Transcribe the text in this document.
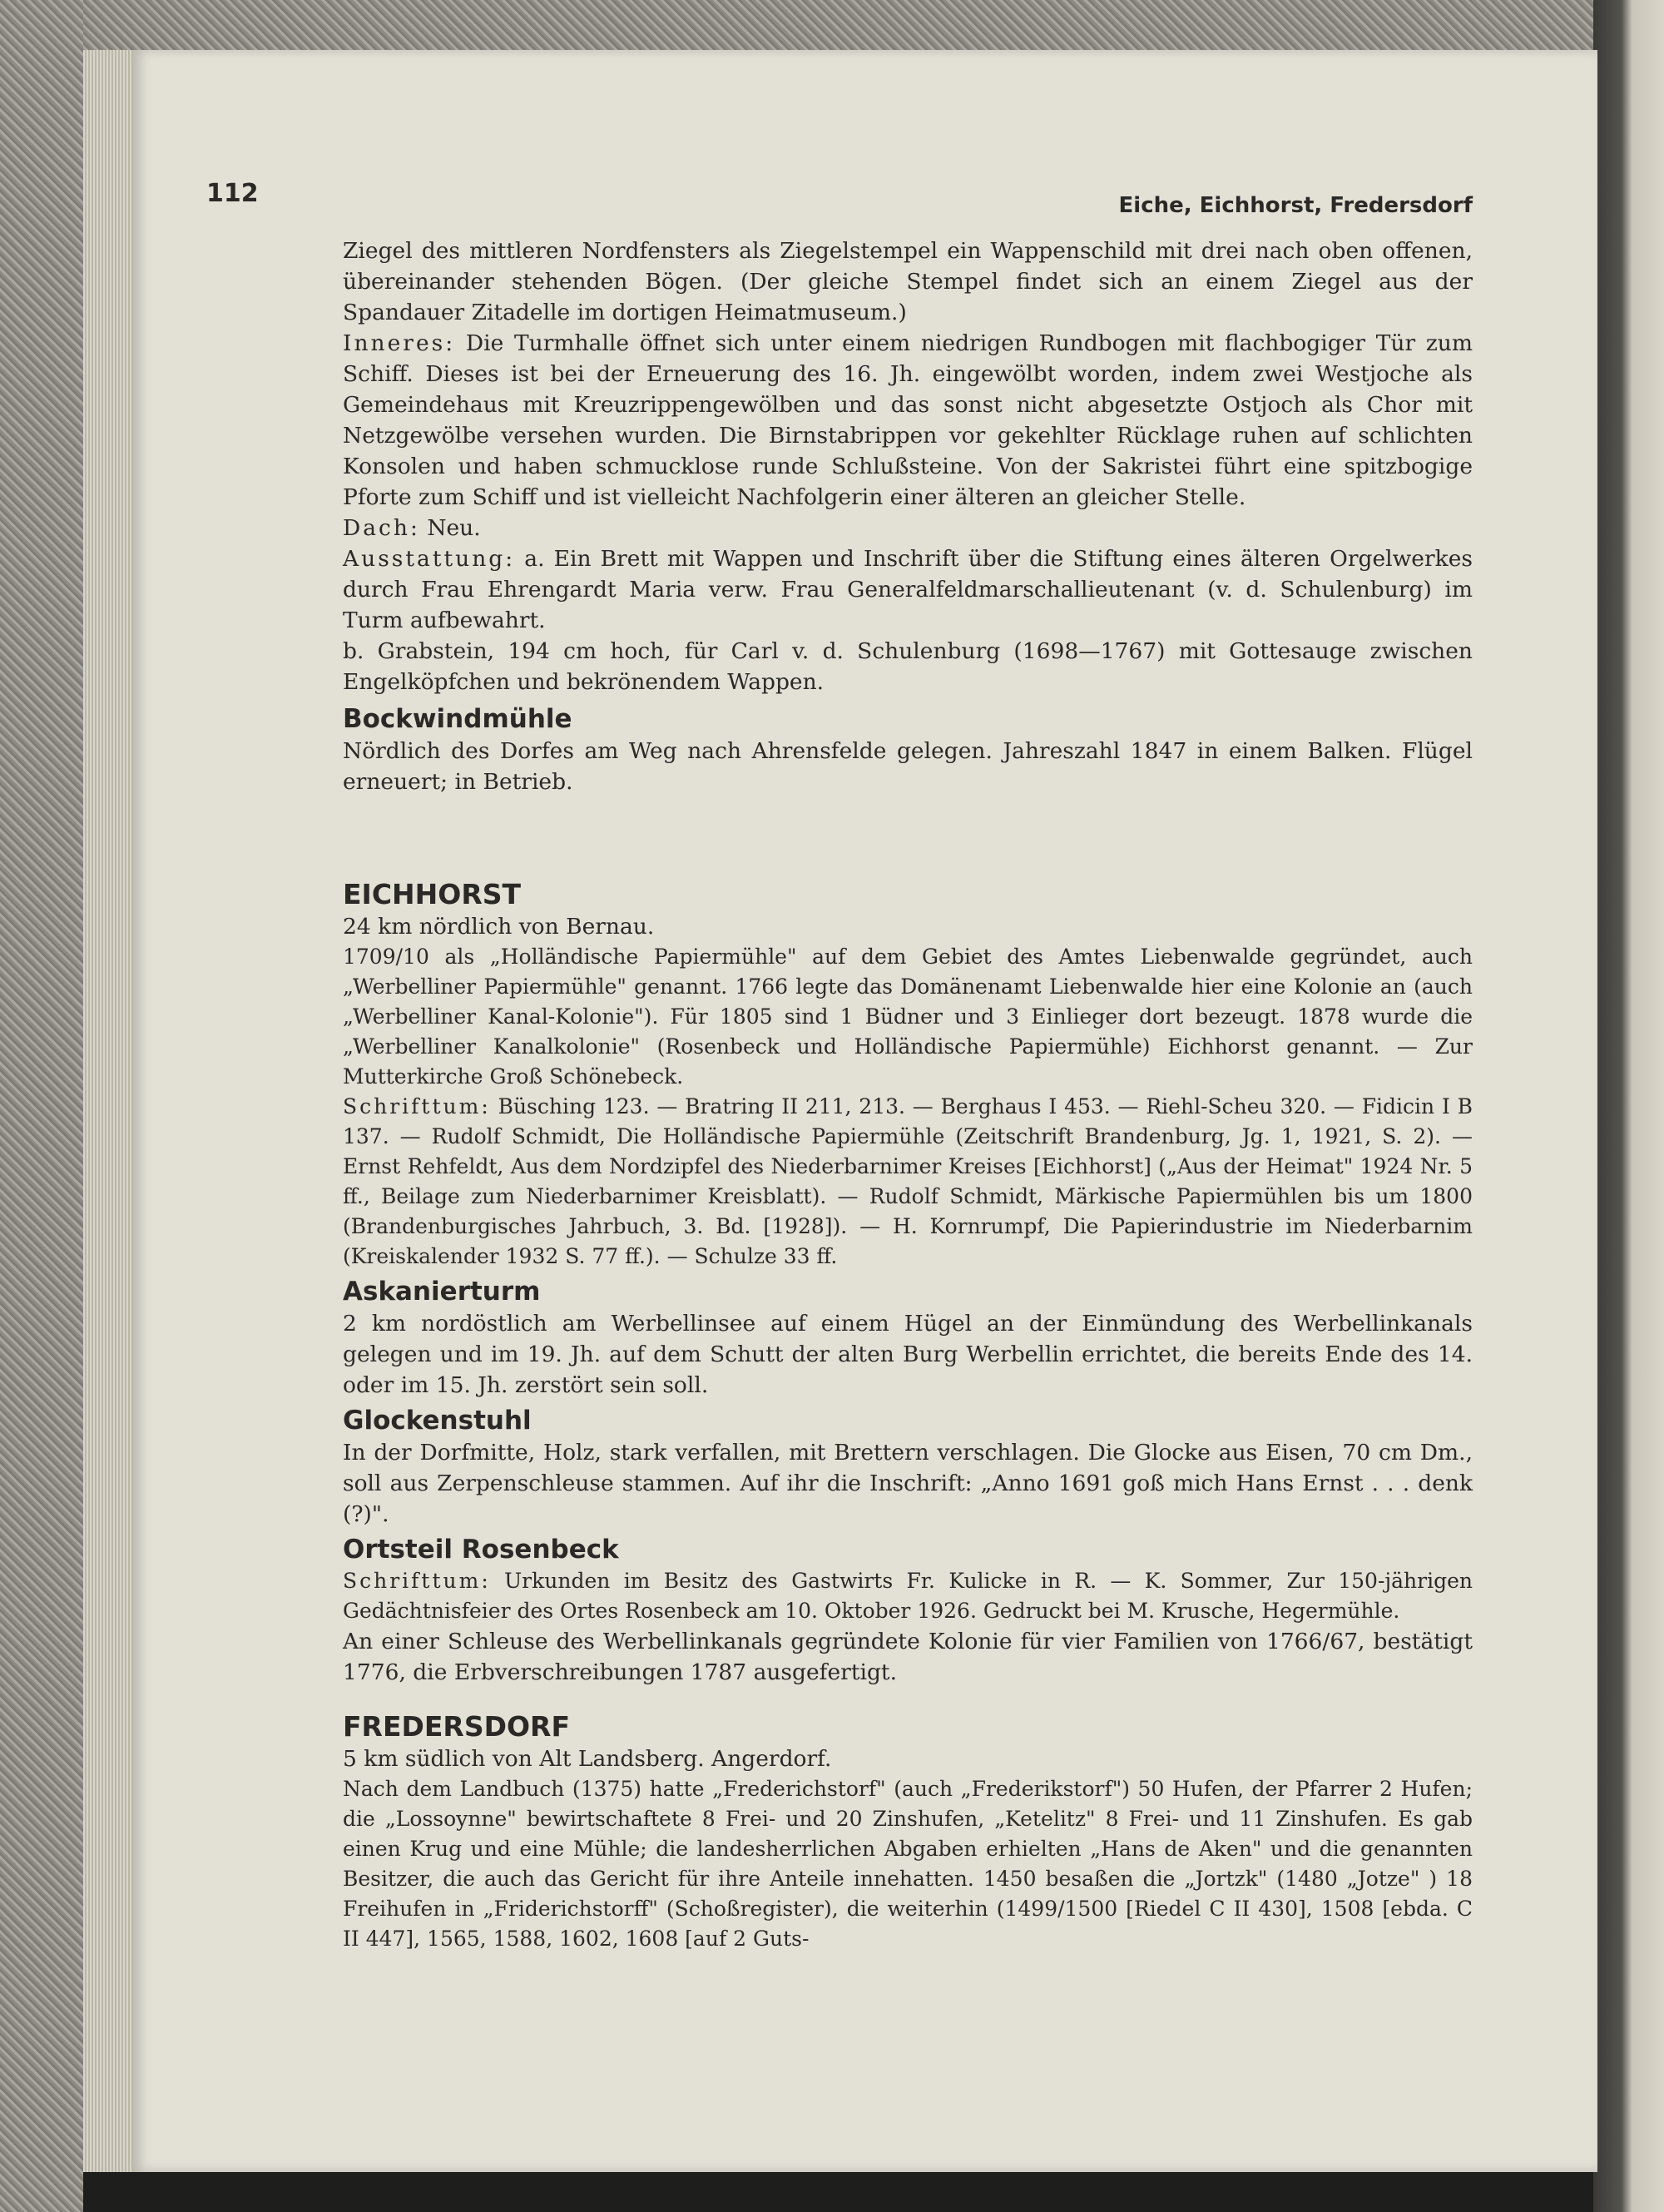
112	Eiche, Eichhorst, Fredersdorf

Ziegel des mittleren Nordfensters als Ziegelstempel ein Wappenschild mit drei nach oben offenen, übereinander stehenden Bögen. (Der gleiche Stempel findet sich an einem Ziegel aus der Spandauer Zitadelle im dortigen Heimatmuseum.)

Inneres: Die Turmhalle öffnet sich unter einem niedrigen Rundbogen mit flachbogiger Tür zum Schiff. Dieses ist bei der Erneuerung des 16. Jh. eingewölbt worden, indem zwei Westjoche als Gemeindehaus mit Kreuzrippengewölben und das sonst nicht abgesetzte Ostjoch als Chor mit Netzgewölbe versehen wurden. Die Birnstabrippen vor gekehlter Rücklage ruhen auf schlichten Konsolen und haben schmucklose runde Schlußsteine. Von der Sakristei führt eine spitzbogige Pforte zum Schiff und ist vielleicht Nachfolgerin einer älteren an gleicher Stelle.

Dach: Neu.

Ausstattung: a. Ein Brett mit Wappen und Inschrift über die Stiftung eines älteren Orgelwerkes durch Frau Ehrengardt Maria verw. Frau Generalfeldmarschallieutenant (v. d. Schulenburg) im Turm aufbewahrt.

b. Grabstein, 194 cm hoch, für Carl v. d. Schulenburg (1698—1767) mit Gottesauge zwischen Engelköpfchen und bekrönendem Wappen.

Bockwindmühle

Nördlich des Dorfes am Weg nach Ahrensfelde gelegen. Jahreszahl 1847 in einem Balken. Flügel erneuert; in Betrieb.

EICHHORST

24 km nördlich von Bernau.

1709/10 als „Holländische Papiermühle" auf dem Gebiet des Amtes Liebenwalde gegründet, auch „Werbelliner Papiermühle" genannt. 1766 legte das Domänenamt Liebenwalde hier eine Kolonie an (auch „Werbelliner Kanal-Kolonie"). Für 1805 sind 1 Büdner und 3 Einlieger dort bezeugt. 1878 wurde die „Werbelliner Kanalkolonie" (Rosenbeck und Holländische Papiermühle) Eichhorst genannt. — Zur Mutterkirche Groß Schönebeck.

Schrifttum: Büsching 123. — Bratring II 211, 213. — Berghaus I 453. — Riehl-Scheu 320. — Fidicin I B 137. — Rudolf Schmidt, Die Holländische Papiermühle (Zeitschrift Brandenburg, Jg. 1, 1921, S. 2). — Ernst Rehfeldt, Aus dem Nordzipfel des Niederbarnimer Kreises [Eichhorst] („Aus der Heimat" 1924 Nr. 5 ff., Beilage zum Niederbarnimer Kreisblatt). — Rudolf Schmidt, Märkische Papiermühlen bis um 1800 (Brandenburgisches Jahrbuch, 3. Bd. [1928]). — H. Kornrumpf, Die Papierindustrie im Niederbarnim (Kreiskalender 1932 S. 77 ff.). — Schulze 33 ff.

Askanierturm

2 km nordöstlich am Werbellinsee auf einem Hügel an der Einmündung des Werbellinkanals gelegen und im 19. Jh. auf dem Schutt der alten Burg Werbellin errichtet, die bereits Ende des 14. oder im 15. Jh. zerstört sein soll.

Glockenstuhl

In der Dorfmitte, Holz, stark verfallen, mit Brettern verschlagen. Die Glocke aus Eisen, 70 cm Dm., soll aus Zerpenschleuse stammen. Auf ihr die Inschrift: „Anno 1691 goß mich Hans Ernst . . . denk (?)".

Ortsteil Rosenbeck

Schrifttum: Urkunden im Besitz des Gastwirts Fr. Kulicke in R. — K. Sommer, Zur 150-jährigen Gedächtnisfeier des Ortes Rosenbeck am 10. Oktober 1926. Gedruckt bei M. Krusche, Hegermühle.

An einer Schleuse des Werbellinkanals gegründete Kolonie für vier Familien von 1766/67, bestätigt 1776, die Erbverschreibungen 1787 ausgefertigt.

FREDERSDORF

5 km südlich von Alt Landsberg. Angerdorf.

Nach dem Landbuch (1375) hatte „Frederichstorf" (auch „Frederikstorf") 50 Hufen, der Pfarrer 2 Hufen; die „Lossoynne" bewirtschaftete 8 Frei- und 20 Zinshufen, „Ketelitz" 8 Frei- und 11 Zinshufen. Es gab einen Krug und eine Mühle; die landesherrlichen Abgaben erhielten „Hans de Aken" und die genannten Besitzer, die auch das Gericht für ihre Anteile innehatten. 1450 besaßen die „Jortzk" (1480 „Jotze" ) 18 Freihufen in „Friderichstorff" (Schoßregister), die weiterhin (1499/1500 [Riedel C II 430], 1508 [ebda. C II 447], 1565, 1588, 1602, 1608 [auf 2 Guts-
